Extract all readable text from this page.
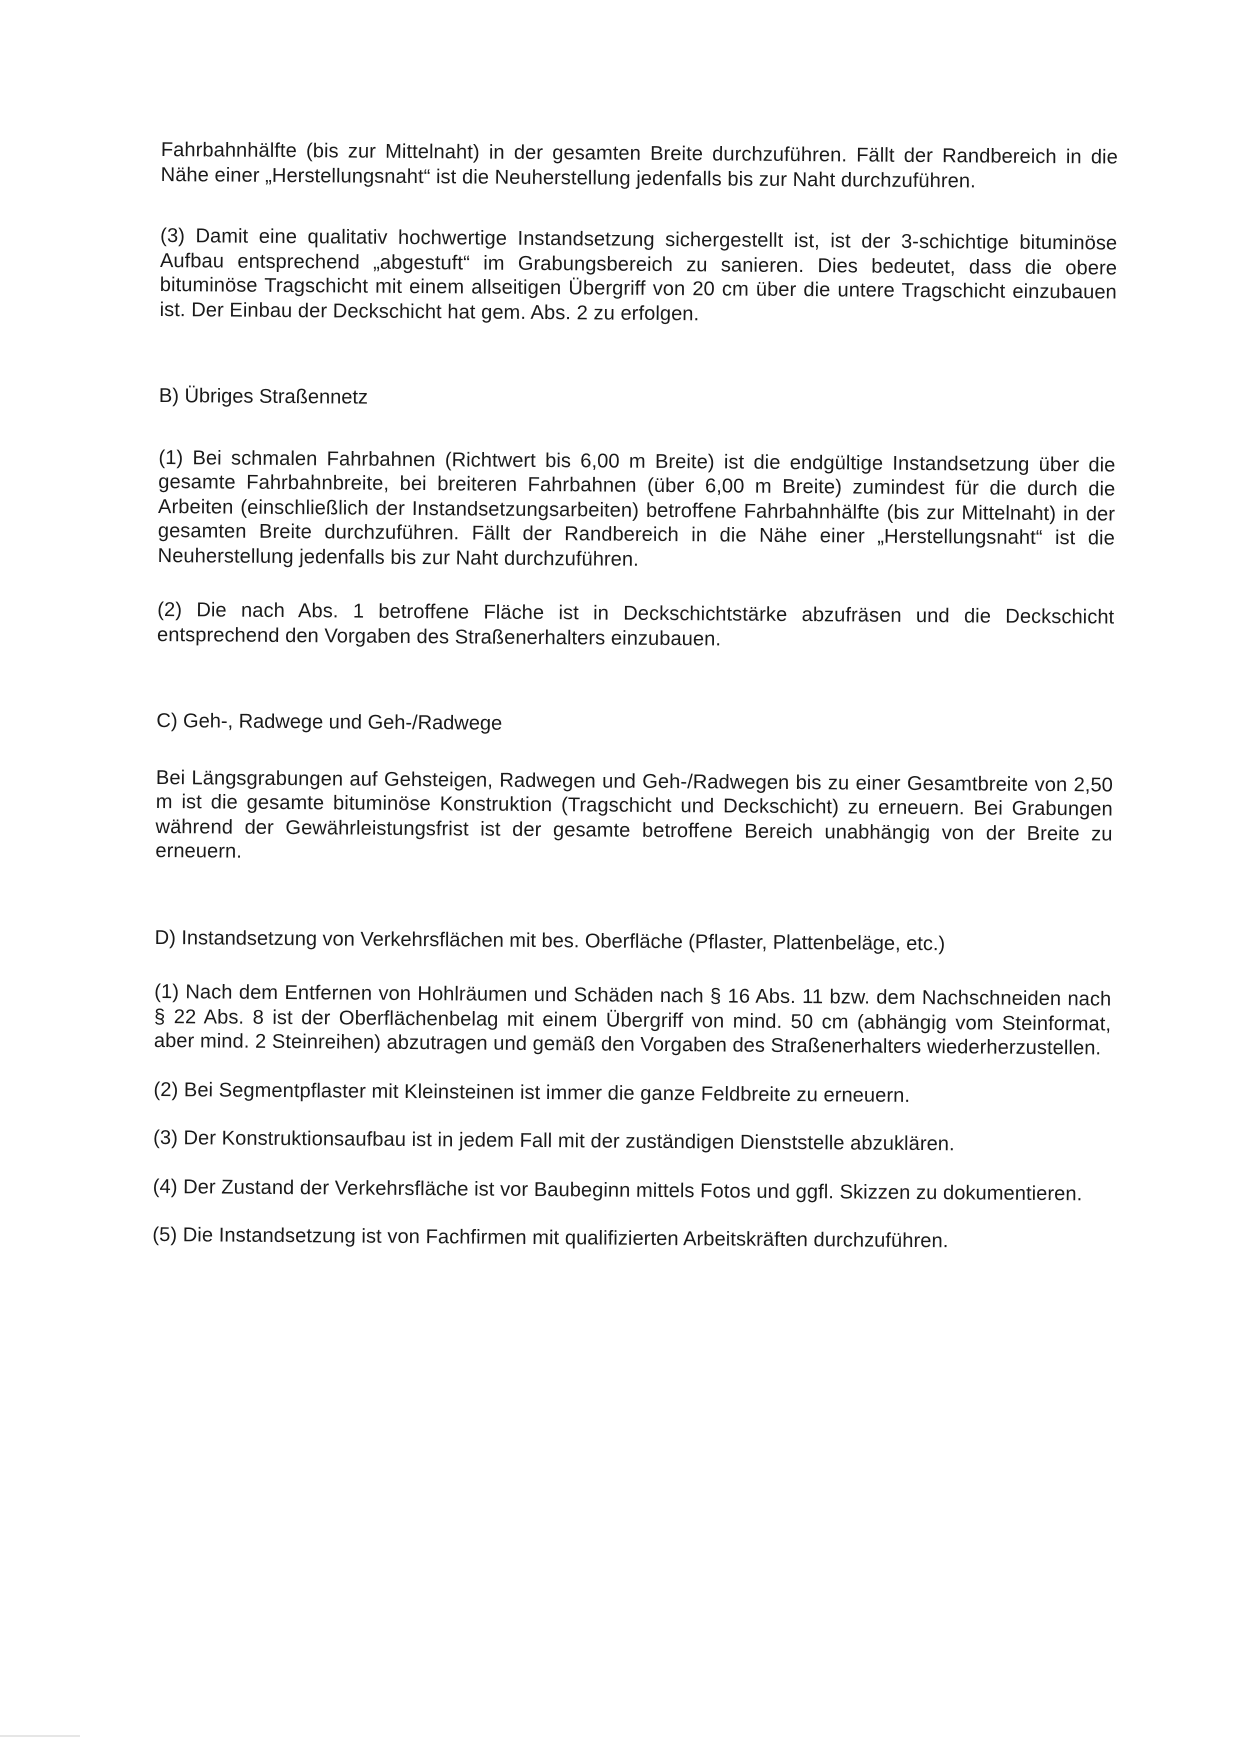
Fahrbahnhälfte (bis zur Mittelnaht) in der gesamten Breite durchzuführen. Fällt der Randbereich in die Nähe einer „Herstellungsnaht“ ist die Neuherstellung jedenfalls bis zur Naht durchzuführen.

(3) Damit eine qualitativ hochwertige Instandsetzung sichergestellt ist, ist der 3-schichtige bituminöse Aufbau entsprechend „abgestuft“ im Grabungsbereich zu sanieren. Dies bedeutet, dass die obere bituminöse Tragschicht mit einem allseitigen Übergriff von 20 cm über die untere Tragschicht einzubauen ist. Der Einbau der Deckschicht hat gem. Abs. 2 zu erfolgen.

B) Übriges Straßennetz

(1) Bei schmalen Fahrbahnen (Richtwert bis 6,00 m Breite) ist die endgültige Instandsetzung über die gesamte Fahrbahnbreite, bei breiteren Fahrbahnen (über 6,00 m Breite) zumindest für die durch die Arbeiten (einschließlich der Instandsetzungsarbeiten) betroffene Fahrbahnhälfte (bis zur Mittelnaht) in der gesamten Breite durchzuführen. Fällt der Randbereich in die Nähe einer „Herstellungsnaht“ ist die Neuherstellung jedenfalls bis zur Naht durchzuführen.

(2) Die nach Abs. 1 betroffene Fläche ist in Deckschichtstärke abzufräsen und die Deckschicht entsprechend den Vorgaben des Straßenerhalters einzubauen.

C) Geh-, Radwege und Geh-/Radwege

Bei Längsgrabungen auf Gehsteigen, Radwegen und Geh-/Radwegen bis zu einer Gesamtbreite von 2,50 m ist die gesamte bituminöse Konstruktion (Tragschicht und Deckschicht) zu erneuern. Bei Grabungen während der Gewährleistungsfrist ist der gesamte betroffene Bereich unabhängig von der Breite zu erneuern.

D) Instandsetzung von Verkehrsflächen mit bes. Oberfläche (Pflaster, Plattenbeläge, etc.)

(1) Nach dem Entfernen von Hohlräumen und Schäden nach § 16 Abs. 11 bzw. dem Nachschneiden nach § 22 Abs. 8 ist der Oberflächenbelag mit einem Übergriff von mind. 50 cm (abhängig vom Steinformat, aber mind. 2 Steinreihen) abzutragen und gemäß den Vorgaben des Straßenerhalters wiederherzustellen.

(2) Bei Segmentpflaster mit Kleinsteinen ist immer die ganze Feldbreite zu erneuern.

(3) Der Konstruktionsaufbau ist in jedem Fall mit der zuständigen Dienststelle abzuklären.

(4) Der Zustand der Verkehrsfläche ist vor Baubeginn mittels Fotos und ggfl. Skizzen zu dokumentieren.

(5) Die Instandsetzung ist von Fachfirmen mit qualifizierten Arbeitskräften durchzuführen.
